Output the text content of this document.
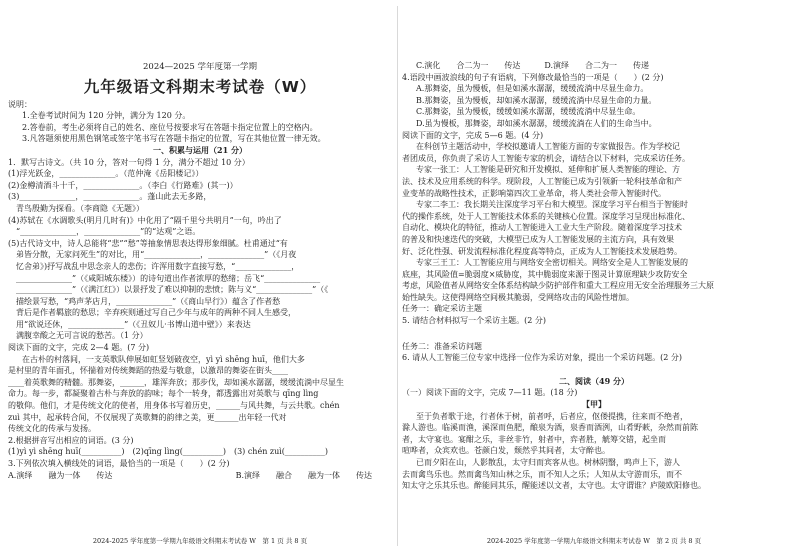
2024—2025 学年度第一学期
九年级语文科期末考试卷（W）
说明：
1.全卷考试时间为 120 分钟，满分为 120 分。
2.答卷前，考生必须将自己的姓名、座位号按要求写在答题卡指定位置上的空格内。
3.凡答题须使用黑色钢笔或签字笔书写在答题卡指定的位置，写在其他位置一律无效。
一、积累与运用（21 分）
1．默写古诗文。（共 10 分，答对一句得 1 分，满分不超过 10 分）
(1)浮光跃金，______________。（范仲淹《岳阳楼记》）
(2)金樽清酒斗十千，______________。（李白《行路难》(其一)）
(3)______________，______________。蓬山此去无多路，
青鸟殷勤为探看。（李商隐《无题》）
(4)苏轼在《水调歌头(明月几时有)》中化用了“隔千里兮共明月”一句，吟出了
“______________，______________”的“达观”之语。
(5)古代诗文中，诗人总能将“悲”“愁”等抽象情思表达得形象细腻。杜甫通过“有
弟皆分散，无家问死生”的对比，用“______________，______________”（《月夜
忆舍弟》)抒写战乱中思念亲人的悲伤；许浑用数字直接写愁，“______________，
______________”（《咸阳城东楼》）的诗句道出作者浓厚的愁绪；岳飞“______________
______________”（《满江红》）以景抒发了难以抑制的悲愤；陈与义“______________”（《
描绘景写愁，“鸡声茅店月，______________”（《商山早行》）蕴含了作者愁
背后是作者羁旅的愁思；辛弃疾则通过写自己少年与成年的两种不同人生感受，
用“欲说还休，______________”（《丑奴儿·书博山道中壁》）来表达
满腹幸酸之无可言说的愁苦。（1 分）
阅读下面的文字，完成 2—4 题。(7 分)
在古朴的村落间，一支英歌队伸展如虹竖划破夜空，yì yì shēng huī，他们大多
是村里的青年面孔，怀揣着对传统舞蹈的热爱与敬意，以激昂的舞姿在街头____
____着英歌舞的精髓。那舞姿，______，雄浑奔放；那步伐，却如溪水潺潺，缓缓流淌中尽显生
命力。每一步，都凝聚着古朴与奔放的韵味；每个一转身，都透露出对英歌与 qīng lìng
的敬仰。他们，才是传统文化的使者，用身体书写着历史，______与风共舞，与云共歌。chén
zuì 其中，起承转合间，不仅展现了英歌舞的韵律之美，更______出年轻一代对
传统文化的传承与发扬。
2.根据拼音写出相应的词语。(3 分)
(1)yì yì shēng huī(__________)　(2)qīng lìng(__________)　(3) chén zuì(__________)
3.下列依次填入横线处的词语，最恰当的一项是（　　）(2 分)
A.演绎　　融为一体　　传达	B.演绎　　融合　　融为一体　　传达
2024-2025 学年度第一学期九年级语文科期末考试卷 W　第 1 页 共 8 页
C.演化　　合二为一　　传达　　　D.演绎　　合二为一　　传递
4.语段中画波浪线的句子有语病，下列修改最恰当的一项是（　　）(2 分)
A.那舞姿，虽为慢板，但是如溪水潺潺，缓缓流淌中尽显生命力。
B.那舞姿，虽为慢板，却如溪水潺潺，缓缓流淌中尽显生命的力量。
C.那舞姿，虽为慢板，缓缓如溪水潺潺，缓缓流淌中尽显生命。
D.虽为慢板，那舞姿，却如溪水潺潺，缓缓流淌在人们的生命当中。
阅读下面的文字，完成 5—6 题。(4 分)
在科创节主题活动中，学校拟邀请人工智能方面的专家做报告。作为学校记
者团成员，你负责了采访人工智能专家的机会，请结合以下材料，完成采访任务。
专家一张工：人工智能是研究和开发模拟、延伸和扩展人类智能的理论、方
法、技术及应用系统的科学。现阶段，人工智能已成为引领新一轮科技革命和产
业变革的战略性技术，正影响第四次工业革命，将人类社会带入智能时代。
专家二李工：我长期关注深度学习平台和大模型。深度学习平台相当于智能时
代的操作系统，处于人工智能技术体系的关键核心位置。深度学习呈现出标准化、
自动化、模块化的特征，推动人工智能进入工业大生产阶段。随着深度学习技术
的普及和快速迭代的突破，大模型已成为人工智能发展的主流方向，具有效果
好、泛化性强、研发流程标准化程度高等特点，正成为人工智能技术发展趋势。
专家三王工：人工智能应用与网络安全密切相关。网络安全是人工智能发展的
底座，其风险值=脆弱度×威胁度，其中脆弱度来源于图灵计算原理缺少攻防安全
考虑，风险值者从网络安全体系结构缺少防护部件和重大工程应用无安全治理服务三大原
始性缺失。这使得网络空间极其脆弱，受网络攻击的风险性增加。
任务一：确定采访主题
5. 请结合材料拟写一个采访主题。(2 分)
任务二：准备采访问题
6. 请从人工智能三位专家中选择一位作为采访对象，提出一个采访问题。(2 分)
二、阅读（49 分）
（一）阅读下面的文字，完成 7—11 题。(18 分)
【甲】
至于负者歌于途，行者休于树，前者呼，后者应，伛偻提携，往来而不绝者，
滁人游也。临溪而渔，溪深而鱼肥，酿泉为酒，泉香而酒洌，山肴野蔌，杂然而前陈
者，太守宴也。宴酣之乐，非丝非竹，射者中，弈者胜，觥筹交错，起坐而
喧哗者，众宾欢也。苍颜白发，颓然乎其间者，太守醉也。
已而夕阳在山，人影散乱，太守归而宾客从也。树林阴翳，鸣声上下，游人
去而禽鸟乐也。然而禽鸟知山林之乐，而不知人之乐；人知从太守游而乐，而不
知太守之乐其乐也。醉能同其乐，醒能述以文者，太守也。太守谓谁？庐陵欧阳修也。
2024-2025 学年度第一学期九年级语文科期末考试卷 W　第 2 页 共 8 页
